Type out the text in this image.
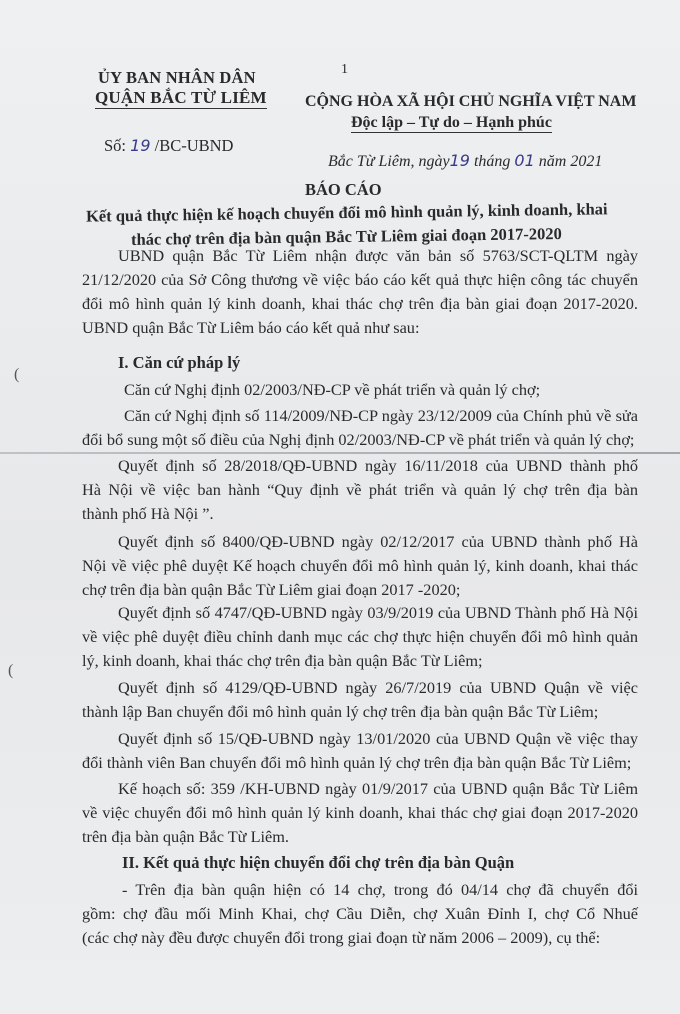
1
ỦY BAN NHÂN DÂN
QUẬN BẮC TỪ LIÊM
Số: 19 /BC-UBND
CỘNG HÒA XÃ HỘI CHỦ NGHĨA VIỆT NAM
Độc lập – Tự do – Hạnh phúc
Bắc Từ Liêm, ngày19 tháng 01 năm 2021
BÁO CÁO
Kết quả thực hiện kế hoạch chuyển đổi mô hình quản lý, kinh doanh, khai
thác chợ trên địa bàn quận Bắc Từ Liêm giai đoạn 2017-2020
UBND quận Bắc Từ Liêm nhận được văn bản số 5763/SCT-QLTM ngày
21/12/2020 của Sở Công thương về việc báo cáo kết quả thực hiện công tác chuyển
đổi mô hình quản lý kinh doanh, khai thác chợ trên địa bàn giai đoạn 2017-2020.
UBND quận Bắc Từ Liêm báo cáo kết quả như sau:
I. Căn cứ pháp lý
Căn cứ Nghị định 02/2003/NĐ-CP về phát triển và quản lý chợ;
Căn cứ Nghị định số 114/2009/NĐ-CP ngày 23/12/2009 của Chính phủ về sửa
đổi bổ sung một số điều của Nghị định 02/2003/NĐ-CP về phát triển và quản lý chợ;
Quyết định số 28/2018/QĐ-UBND ngày 16/11/2018 của UBND thành phố
Hà Nội về việc ban hành “Quy định về phát triển và quản lý chợ trên địa bàn
thành phố Hà Nội ”.
Quyết định số 8400/QĐ-UBND ngày 02/12/2017 của UBND thành phố Hà
Nội về việc phê duyệt Kế hoạch chuyển đổi mô hình quản lý, kinh doanh, khai thác
chợ trên địa bàn quận Bắc Từ Liêm giai đoạn 2017 -2020;
Quyết định số 4747/QĐ-UBND ngày 03/9/2019 của UBND Thành phố Hà Nội
về việc phê duyệt điều chỉnh danh mục các chợ thực hiện chuyển đổi mô hình quản
lý, kinh doanh, khai thác chợ trên địa bàn quận Bắc Từ Liêm;
Quyết định số 4129/QĐ-UBND ngày 26/7/2019 của UBND Quận về việc
thành lập Ban chuyển đổi mô hình quản lý chợ trên địa bàn quận Bắc Từ Liêm;
Quyết định số 15/QĐ-UBND ngày 13/01/2020 của UBND Quận về việc thay
đổi thành viên Ban chuyển đổi mô hình quản lý chợ trên địa bàn quận Bắc Từ Liêm;
Kế hoạch số: 359 /KH-UBND ngày 01/9/2017 của UBND quận Bắc Từ Liêm
về việc chuyển đổi mô hình quản lý kinh doanh, khai thác chợ giai đoạn 2017-2020
trên địa bàn quận Bắc Từ Liêm.
II. Kết quả thực hiện chuyển đổi chợ trên địa bàn Quận
- Trên địa bàn quận hiện có 14 chợ, trong đó 04/14 chợ đã chuyển đổi
gồm: chợ đầu mối Minh Khai, chợ Cầu Diễn, chợ Xuân Đỉnh I, chợ Cổ Nhuế
(các chợ này đều được chuyển đổi trong giai đoạn từ năm 2006 – 2009), cụ thể:
(
(
